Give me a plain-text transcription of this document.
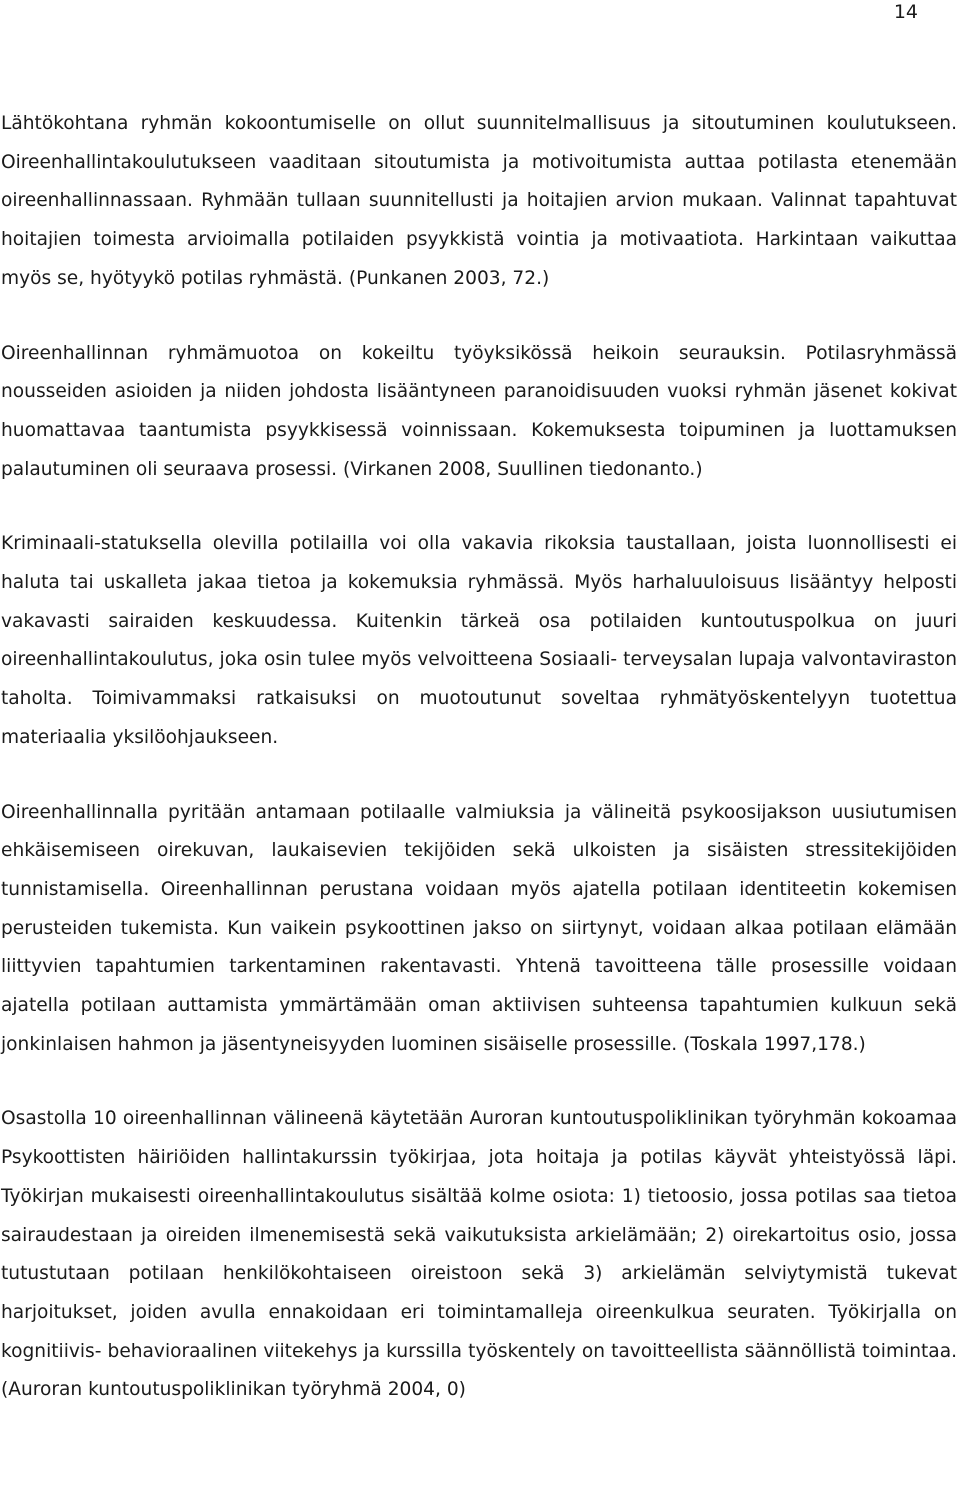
14

Lähtökohtana ryhmän kokoontumiselle on ollut suunnitelmallisuus ja sitoutuminen koulutukseen. Oireenhallintakoulutukseen vaaditaan sitoutumista ja motivoitumista auttaa potilasta etenemään oireenhallinnassaan. Ryhmään tullaan suunnitellusti ja hoitajien arvion mukaan. Valinnat tapahtuvat hoitajien toimesta arvioimalla potilaiden psyykkistä vointia ja motivaatiota. Harkintaan vaikuttaa myös se, hyötyykö potilas ryhmästä. (Punkanen 2003, 72.)

Oireenhallinnan ryhmämuotoa on kokeiltu työyksikössä heikoin seurauksin. Potilasryhmässä nousseiden asioiden ja niiden johdosta lisääntyneen paranoidisuuden vuoksi ryhmän jäsenet kokivat huomattavaa taantumista psyykkisessä voinnissaan. Kokemuksesta toipuminen ja luottamuksen palautuminen oli seuraava prosessi. (Virkanen 2008, Suullinen tiedonanto.)

Kriminaali-statuksella olevilla potilailla voi olla vakavia rikoksia taustallaan, joista luonnollisesti ei haluta tai uskalleta jakaa tietoa ja kokemuksia ryhmässä. Myös harhaluuloisuus lisääntyy helposti vakavasti sairaiden keskuudessa. Kuitenkin tärkeä osa potilaiden kuntoutuspolkua on juuri oireenhallintakoulutus, joka osin tulee myös velvoitteena Sosiaali- terveysalan lupaja valvontaviraston taholta. Toimivammaksi ratkaisuksi on muotoutunut soveltaa ryhmätyöskentelyyn tuotettua materiaalia yksilöohjaukseen.

Oireenhallinnalla pyritään antamaan potilaalle valmiuksia ja välineitä psykoosijakson uusiutumisen ehkäisemiseen oirekuvan, laukaisevien tekijöiden sekä ulkoisten ja sisäisten stressitekijöiden tunnistamisella. Oireenhallinnan perustana voidaan myös ajatella potilaan identiteetin kokemisen perusteiden tukemista. Kun vaikein psykoottinen jakso on siirtynyt, voidaan alkaa potilaan elämään liittyvien tapahtumien tarkentaminen rakentavasti. Yhtenä tavoitteena tälle prosessille voidaan ajatella potilaan auttamista ymmärtämään oman aktiivisen suhteensa tapahtumien kulkuun sekä jonkinlaisen hahmon ja jäsentyneisyyden luominen sisäiselle prosessille. (Toskala 1997,178.)

Osastolla 10 oireenhallinnan välineenä käytetään Auroran kuntoutuspoliklinikan työryhmän kokoamaa Psykoottisten häiriöiden hallintakurssin työkirjaa, jota hoitaja ja potilas käyvät yhteistyössä läpi. Työkirjan mukaisesti oireenhallintakoulutus sisältää kolme osiota: 1) tietoosio, jossa potilas saa tietoa sairaudestaan ja oireiden ilmenemisestä sekä vaikutuksista arkielämään; 2) oirekartoitus osio, jossa tutustutaan potilaan henkilökohtaiseen oireistoon sekä 3) arkielämän selviytymistä tukevat harjoitukset, joiden avulla ennakoidaan eri toimintamalleja oireenkulkua seuraten. Työkirjalla on kognitiivis- behavioraalinen viitekehys ja kurssilla työskentely on tavoitteellista säännöllistä toimintaa. (Auroran kuntoutuspoliklinikan työryhmä 2004, 0)
